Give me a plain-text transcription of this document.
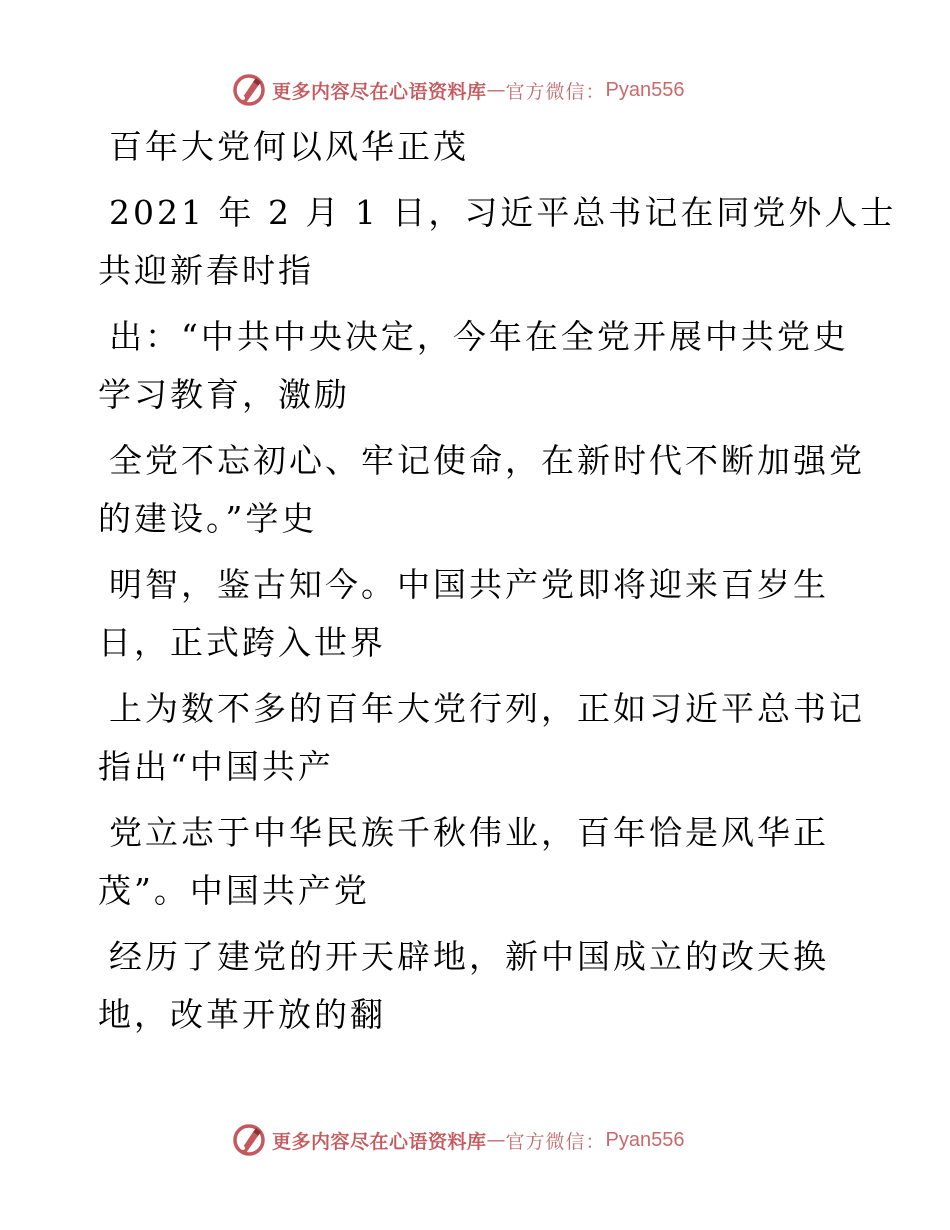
更多内容尽在心语资料库 — 官方微信： Pyan556

百年大党何以风华正茂

2021 年 2 月 1 日，习近平总书记在同党外人士
共迎新春时指

出：“中共中央决定，今年在全党开展中共党史
学习教育，激励

全党不忘初心、牢记使命，在新时代不断加强党
的建设。”学史

明智，鉴古知今。中国共产党即将迎来百岁生
日，正式跨入世界

上为数不多的百年大党行列，正如习近平总书记
指出“中国共产

党立志于中华民族千秋伟业，百年恰是风华正
茂”。中国共产党

经历了建党的开天辟地，新中国成立的改天换
地，改革开放的翻

更多内容尽在心语资料库 — 官方微信： Pyan556
